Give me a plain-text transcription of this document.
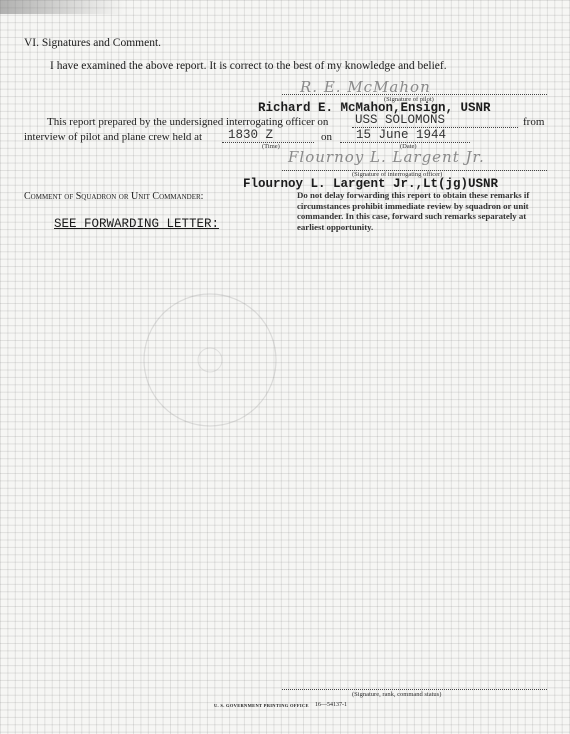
VI. Signatures and Comment.
I have examined the above report. It is correct to the best of my knowledge and belief.
R. E. McMahon
(Signature of pilot)
Richard E. McMahon,Ensign, USNR
This report prepared by the undersigned interrogating officer on USS SOLOMONS	from
interview of pilot and plane crew held at 1830 Z	on 15 June 1944
(Time)	(Date)
Flournoy L. Largent Jr.
(Signature of interrogating officer)
Flournoy L. Largent Jr.,Lt(jg)USNR
Comment of Squadron or Unit Commander:	Do not delay forwarding this report to obtain these remarks if circumstances prohibit immediate review by squadron or unit commander. In this case, forward such remarks separately at earliest opportunity.
SEE FORWARDING LETTER:
(Signature, rank, command status)
U. S. GOVERNMENT PRINTING OFFICE 16—54137-1
